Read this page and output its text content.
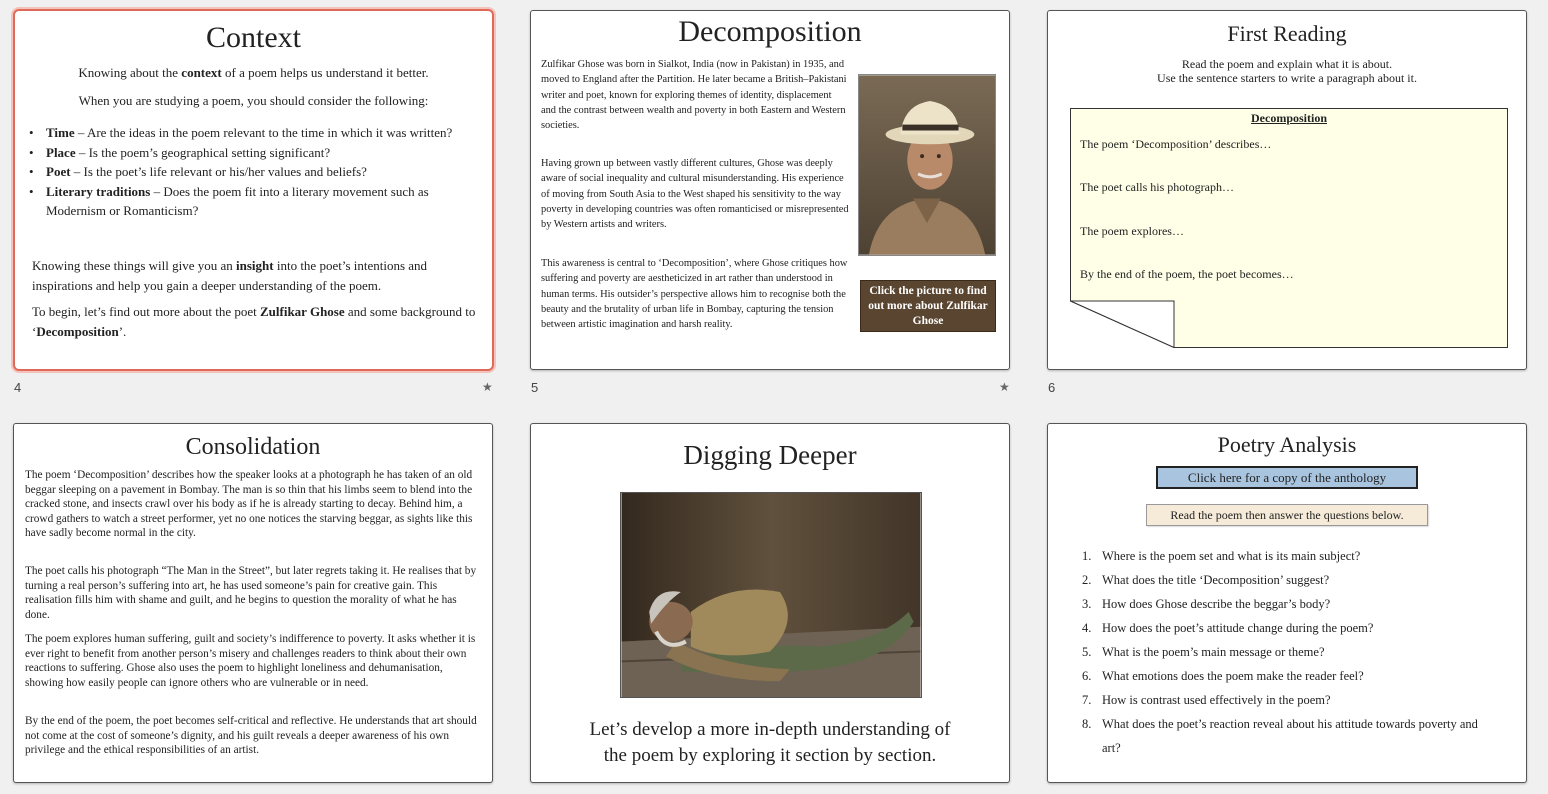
Context
Knowing about the context of a poem helps us understand it better.
When you are studying a poem, you should consider the following:
• Time – Are the ideas in the poem relevant to the time in which it was written?
• Place – Is the poem’s geographical setting significant?
• Poet – Is the poet’s life relevant or his/her values and beliefs?
• Literary traditions – Does the poem fit into a literary movement such as Modernism or Romanticism?
Knowing these things will give you an insight into the poet’s intentions and inspirations and help you gain a deeper understanding of the poem.
To begin, let’s find out more about the poet Zulfikar Ghose and some background to ‘Decomposition’.
4	★
Decomposition
Zulfikar Ghose was born in Sialkot, India (now in Pakistan) in 1935, and moved to England after the Partition. He later became a British–Pakistani writer and poet, known for exploring themes of identity, displacement and the contrast between wealth and poverty in both Eastern and Western societies.
Having grown up between vastly different cultures, Ghose was deeply aware of social inequality and cultural misunderstanding. His experience of moving from South Asia to the West shaped his sensitivity to the way poverty in developing countries was often romanticised or misrepresented by Western artists and writers.
This awareness is central to ‘Decomposition’, where Ghose critiques how suffering and poverty are aestheticized in art rather than understood in human terms. His outsider’s perspective allows him to recognise both the beauty and the brutality of urban life in Bombay, capturing the tension between artistic imagination and harsh reality.
Click the picture to find out more about Zulfikar Ghose
5	★
First Reading
Read the poem and explain what it is about.
Use the sentence starters to write a paragraph about it.
Decomposition
The poem ‘Decomposition’ describes…
The poet calls his photograph…
The poem explores…
By the end of the poem, the poet becomes…
6
Consolidation
The poem ‘Decomposition’ describes how the speaker looks at a photograph he has taken of an old beggar sleeping on a pavement in Bombay. The man is so thin that his limbs seem to blend into the cracked stone, and insects crawl over his body as if he is already starting to decay. Behind him, a crowd gathers to watch a street performer, yet no one notices the starving beggar, as sights like this have sadly become normal in the city.
The poet calls his photograph “The Man in the Street”, but later regrets taking it. He realises that by turning a real person’s suffering into art, he has used someone’s pain for creative gain. This realisation fills him with shame and guilt, and he begins to question the morality of what he has done.
The poem explores human suffering, guilt and society’s indifference to poverty. It asks whether it is ever right to benefit from another person’s misery and challenges readers to think about their own reactions to suffering. Ghose also uses the poem to highlight loneliness and dehumanisation, showing how easily people can ignore others who are vulnerable or in need.
By the end of the poem, the poet becomes self-critical and reflective. He understands that art should not come at the cost of someone’s dignity, and his guilt reveals a deeper awareness of his own privilege and the ethical responsibilities of an artist.
Digging Deeper
Let’s develop a more in-depth understanding of
the poem by exploring it section by section.
Poetry Analysis
Click here for a copy of the anthology
Read the poem then answer the questions below.
1. Where is the poem set and what is its main subject?
2. What does the title ‘Decomposition’ suggest?
3. How does Ghose describe the beggar’s body?
4. How does the poet’s attitude change during the poem?
5. What is the poem’s main message or theme?
6. What emotions does the poem make the reader feel?
7. How is contrast used effectively in the poem?
8. What does the poet’s reaction reveal about his attitude towards poverty and art?
